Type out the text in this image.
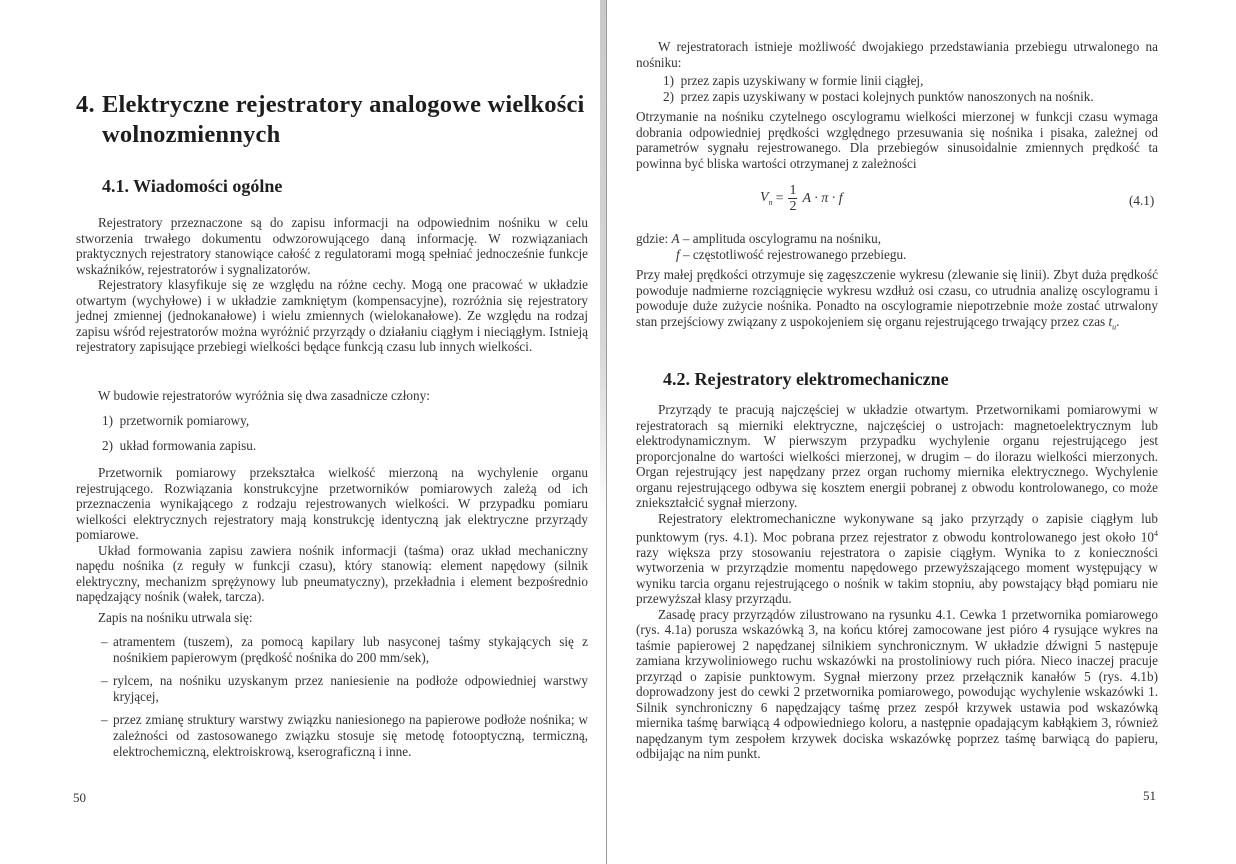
4. Elektryczne rejestratory analogowe wielkości
wolnozmiennych
4.1. Wiadomości ogólne

Rejestratory przeznaczone są do zapisu informacji na odpowiednim nośniku w celu stworzenia trwałego dokumentu odwzorowującego daną informację. W rozwiązaniach praktycznych rejestratory stanowiące całość z regulatorami mogą spełniać jednocześnie funkcje wskaźników, rejestratorów i sygnalizatorów.

Rejestratory klasyfikuje się ze względu na różne cechy. Mogą one pracować w układzie otwartym (wychyłowe) i w układzie zamkniętym (kompensacyjne), rozróżnia się rejestratory jednej zmiennej (jednokanałowe) i wielu zmiennych (wielokanałowe). Ze względu na rodzaj zapisu wśród rejestratorów można wyróżnić przyrządy o działaniu ciągłym i nieciągłym. Istnieją rejestratory zapisujące przebiegi wielkości będące funkcją czasu lub innych wielkości.

W budowie rejestratorów wyróżnia się dwa zasadnicze człony:

1) przetwornik pomiarowy,
2) układ formowania zapisu.

Przetwornik pomiarowy przekształca wielkość mierzoną na wychylenie organu rejestrującego. Rozwiązania konstrukcyjne przetworników pomiarowych zależą od ich przeznaczenia wynikającego z rodzaju rejestrowanych wielkości. W przypadku pomiaru wielkości elektrycznych rejestratory mają konstrukcję identyczną jak elektryczne przyrządy pomiarowe.

Układ formowania zapisu zawiera nośnik informacji (taśma) oraz układ mechaniczny napędu nośnika (z reguły w funkcji czasu), który stanowią: element napędowy (silnik elektryczny, mechanizm sprężynowy lub pneumatyczny), przekładnia i element bezpośrednio napędzający nośnik (wałek, tarcza).

Zapis na nośniku utrwala się:

– atramentem (tuszem), za pomocą kapilary lub nasyconej taśmy stykających się z nośnikiem papierowym (prędkość nośnika do 200 mm/sek),
– rylcem, na nośniku uzyskanym przez naniesienie na podłoże odpowiedniej warstwy kryjącej,
– przez zmianę struktury warstwy związku naniesionego na papierowe podłoże nośnika; w zależności od zastosowanego związku stosuje się metodę fotooptyczną, termiczną, elektrochemiczną, elektroiskrową, kserograficzną i inne.
50

W rejestratorach istnieje możliwość dwojakiego przedstawiania przebiegu utrwalonego na nośniku:

1) przez zapis uzyskiwany w formie linii ciągłej,
2) przez zapis uzyskiwany w postaci kolejnych punktów nanoszonych na nośnik.

Otrzymanie na nośniku czytelnego oscylogramu wielkości mierzonej w funkcji czasu wymaga dobrania odpowiedniej prędkości względnego przesuwania się nośnika i pisaka, zależnej od parametrów sygnału rejestrowanego. Dla przebiegów sinusoidalnie zmiennych prędkość ta powinna być bliska wartości otrzymanej z zależności

$V_n = \frac{1}{2}$ A · π · f	(4.1)
gdzie: A – amplituda oscylogramu na nośniku,
f – częstotliwość rejestrowanego przebiegu.

Przy małej prędkości otrzymuje się zagęszczenie wykresu (zlewanie się linii). Zbyt duża prędkość powoduje nadmierne rozciągnięcie wykresu wzdłuż osi czasu, co utrudnia analizę oscylogramu i powoduje duże zużycie nośnika. Ponadto na oscylogramie niepotrzebnie może zostać utrwalony stan przejściowy związany z uspokojeniem się organu rejestrującego trwający przez czas $t_u$.

4.2. Rejestratory elektromechaniczne

Przyrządy te pracują najczęściej w układzie otwartym. Przetwornikami pomiarowymi w rejestratorach są mierniki elektryczne, najczęściej o ustrojach: magnetoelektrycznym lub elektrodynamicznym. W pierwszym przypadku wychylenie organu rejestrującego jest proporcjonalne do wartości wielkości mierzonej, w drugim – do ilorazu wielkości mierzonych. Organ rejestrujący jest napędzany przez organ ruchomy miernika elektrycznego. Wychylenie organu rejestrującego odbywa się kosztem energii pobranej z obwodu kontrolowanego, co może zniekształcić sygnał mierzony.

Rejestratory elektromechaniczne wykonywane są jako przyrządy o zapisie ciągłym lub punktowym (rys. 4.1). Moc pobrana przez rejestrator z obwodu kontrolowanego jest około $10^4$ razy większa przy stosowaniu rejestratora o zapisie ciągłym. Wynika to z konieczności wytworzenia w przyrządzie momentu napędowego przewyższającego moment występujący w wyniku tarcia organu rejestrującego o nośnik w takim stopniu, aby powstający błąd pomiaru nie przewyższał klasy przyrządu.

Zasadę pracy przyrządów zilustrowano na rysunku 4.1. Cewka 1 przetwornika pomiarowego (rys. 4.1a) porusza wskazówką 3, na końcu której zamocowane jest pióro 4 rysujące wykres na taśmie papierowej 2 napędzanej silnikiem synchronicznym. W układzie dźwigni 5 następuje zamiana krzywoliniowego ruchu wskazówki na prostoliniowy ruch pióra. Nieco inaczej pracuje przyrząd o zapisie punktowym. Sygnał mierzony przez przełącznik kanałów 5 (rys. 4.1b) doprowadzony jest do cewki 2 przetwornika pomiarowego, powodując wychylenie wskazówki 1. Silnik synchroniczny 6 napędzający taśmę przez zespół krzywek ustawia pod wskazówką miernika taśmę barwiącą 4 odpowiedniego koloru, a następnie opadającym kabłąkiem 3, również napędzanym tym zespołem krzywek dociska wskazówkę poprzez taśmę barwiącą do papieru, odbijając na nim punkt.

51
